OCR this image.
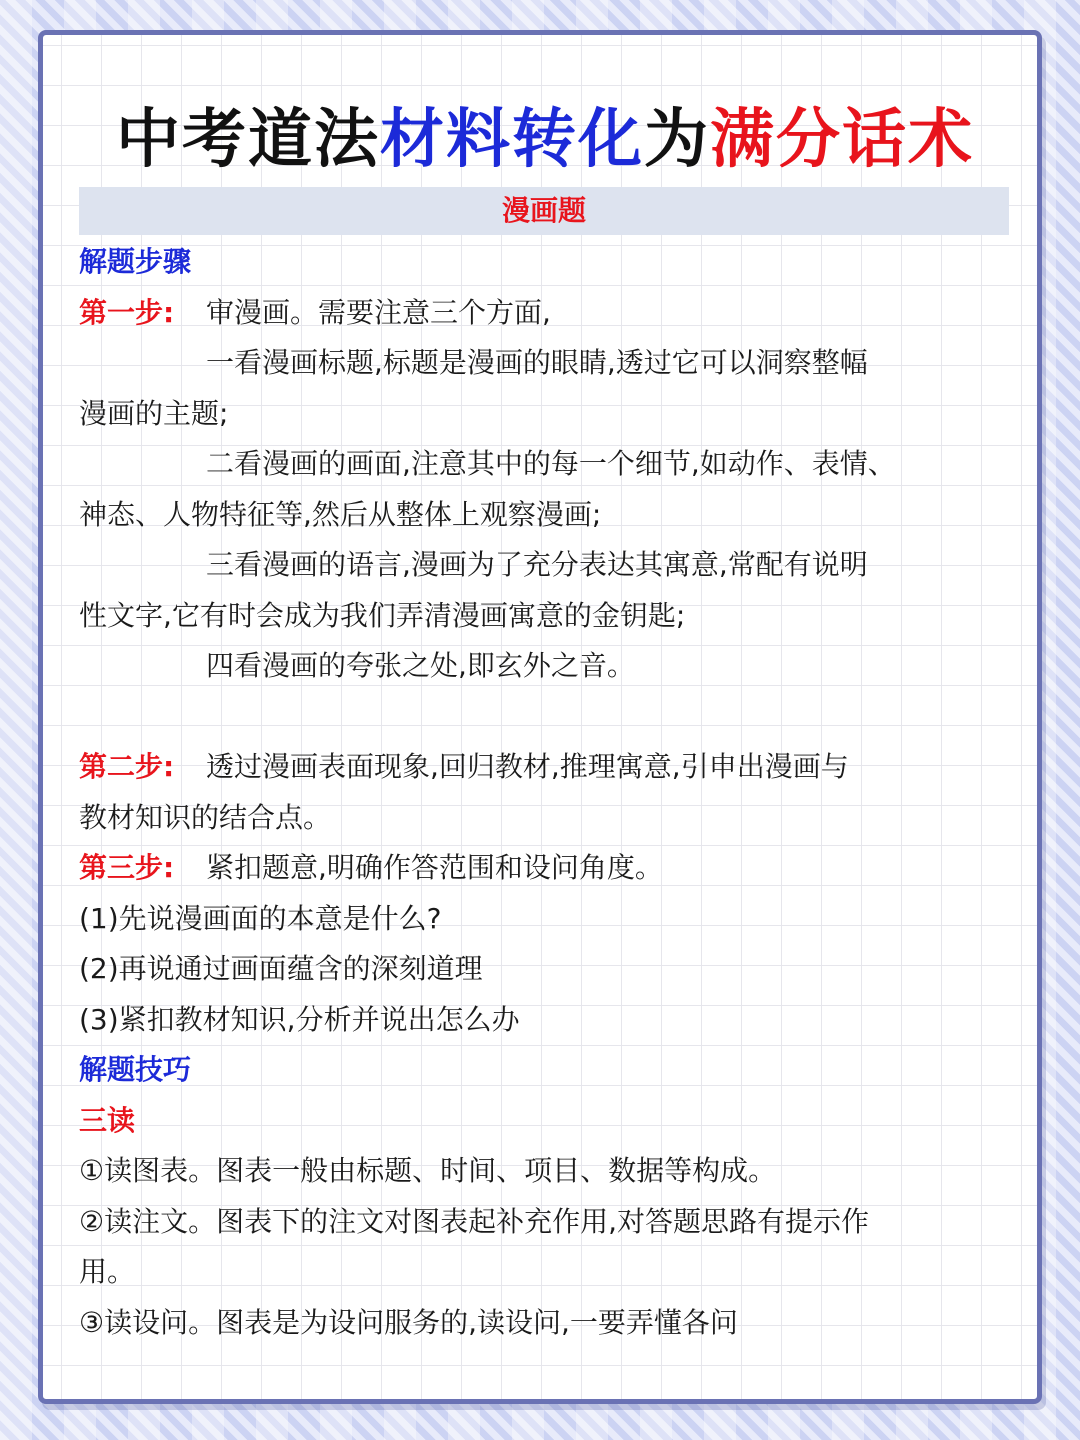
中考道法材料转化为满分话术
漫画题
解题步骤
第一步: 审漫画。需要注意三个方面,
一看漫画标题,标题是漫画的眼睛,透过它可以洞察整幅
漫画的主题;
二看漫画的画面,注意其中的每一个细节,如动作、表情、
神态、人物特征等,然后从整体上观察漫画;
三看漫画的语言,漫画为了充分表达其寓意,常配有说明
性文字,它有时会成为我们弄清漫画寓意的金钥匙;
四看漫画的夸张之处,即玄外之音。
第二步: 透过漫画表面现象,回归教材,推理寓意,引申出漫画与
教材知识的结合点。
第三步: 紧扣题意,明确作答范围和设问角度。
(1)先说漫画面的本意是什么?
(2)再说通过画面蕴含的深刻道理
(3)紧扣教材知识,分析并说出怎么办
解题技巧
三读
①读图表。图表一般由标题、时间、项目、数据等构成。
②读注文。图表下的注文对图表起补充作用,对答题思路有提示作
用。
③读设问。图表是为设问服务的,读设问,一要弄懂各问
